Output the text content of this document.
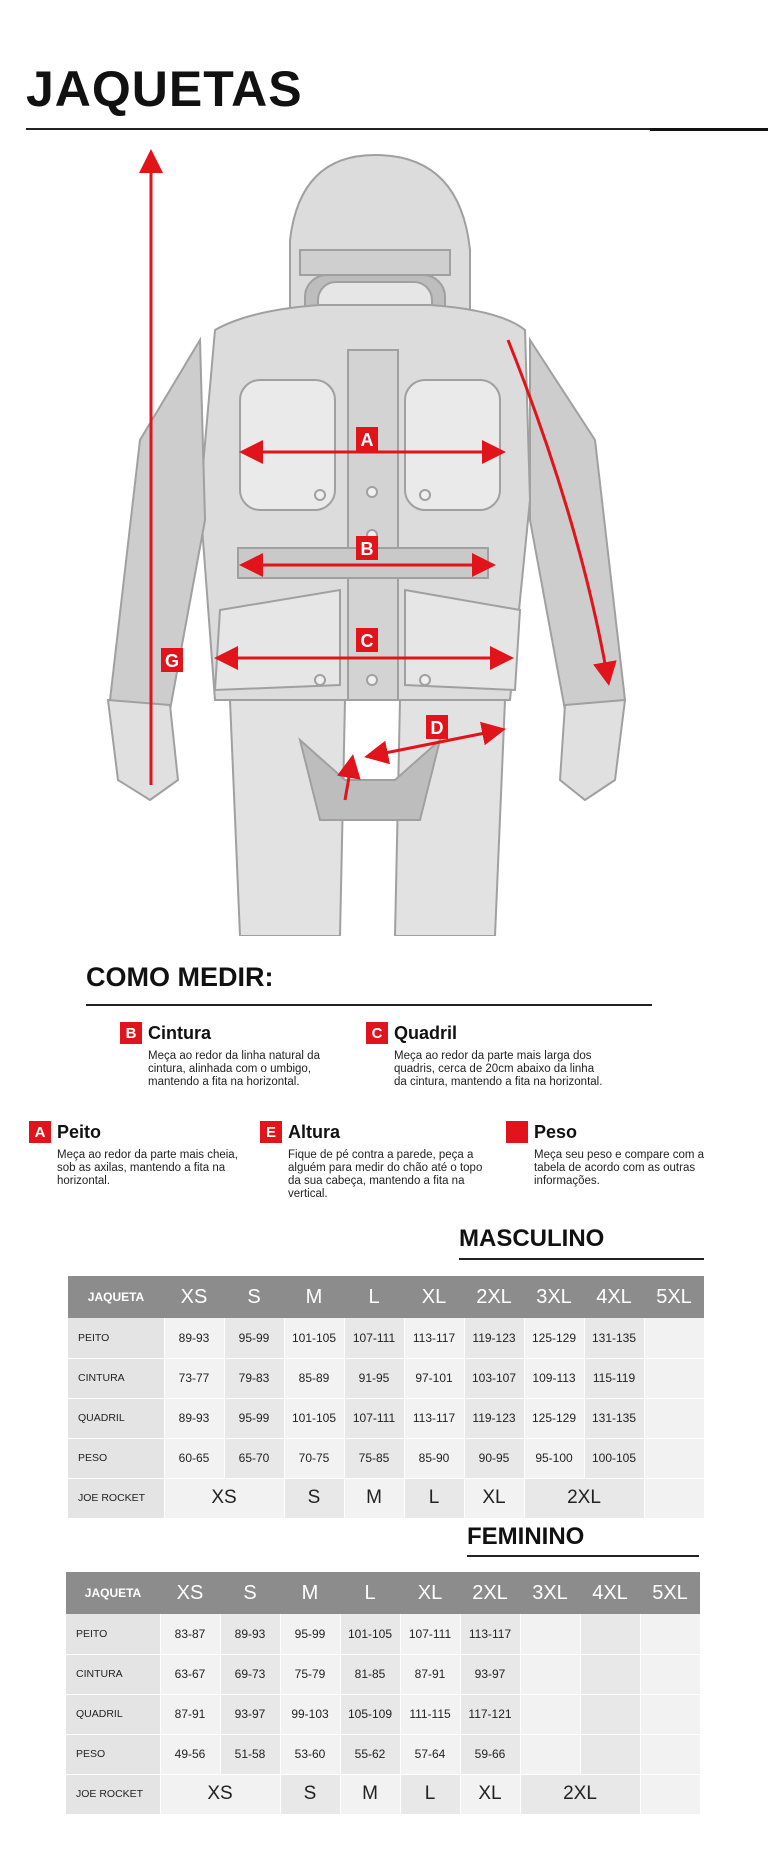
JAQUETAS
A
B
C
D
G
COMO MEDIR:
B Cintura
Meça ao redor da linha natural da cintura, alinhada com o umbigo, mantendo a fita na horizontal.
C Quadril
Meça ao redor da parte mais larga dos quadris, cerca de 20cm abaixo da linha da cintura, mantendo a fita na horizontal.
A Peito
Meça ao redor da parte mais cheia, sob as axilas, mantendo a fita na horizontal.
E Altura
Fique de pé contra a parede, peça a alguém para medir do chão até o topo da sua cabeça, mantendo a fita na vertical.
Peso
Meça seu peso e compare com a tabela de acordo com as outras informações.
MASCULINO
JAQUETA	XS	S	M	L	XL	2XL	3XL	4XL	5XL
PEITO	89-93	95-99	101-105	107-111	113-117	119-123	125-129	131-135	
CINTURA	73-77	79-83	85-89	91-95	97-101	103-107	109-113	115-119	
QUADRIL	89-93	95-99	101-105	107-111	113-117	119-123	125-129	131-135	
PESO	60-65	65-70	70-75	75-85	85-90	90-95	95-100	100-105	
JOE ROCKET	XS		S	M	L	XL	2XL		
FEMININO
JAQUETA	XS	S	M	L	XL	2XL	3XL	4XL	5XL
PEITO	83-87	89-93	95-99	101-105	107-111	113-117			
CINTURA	63-67	69-73	75-79	81-85	87-91	93-97			
QUADRIL	87-91	93-97	99-103	105-109	111-115	117-121			
PESO	49-56	51-58	53-60	55-62	57-64	59-66			
JOE ROCKET	XS		S	M	L	XL	2XL		
